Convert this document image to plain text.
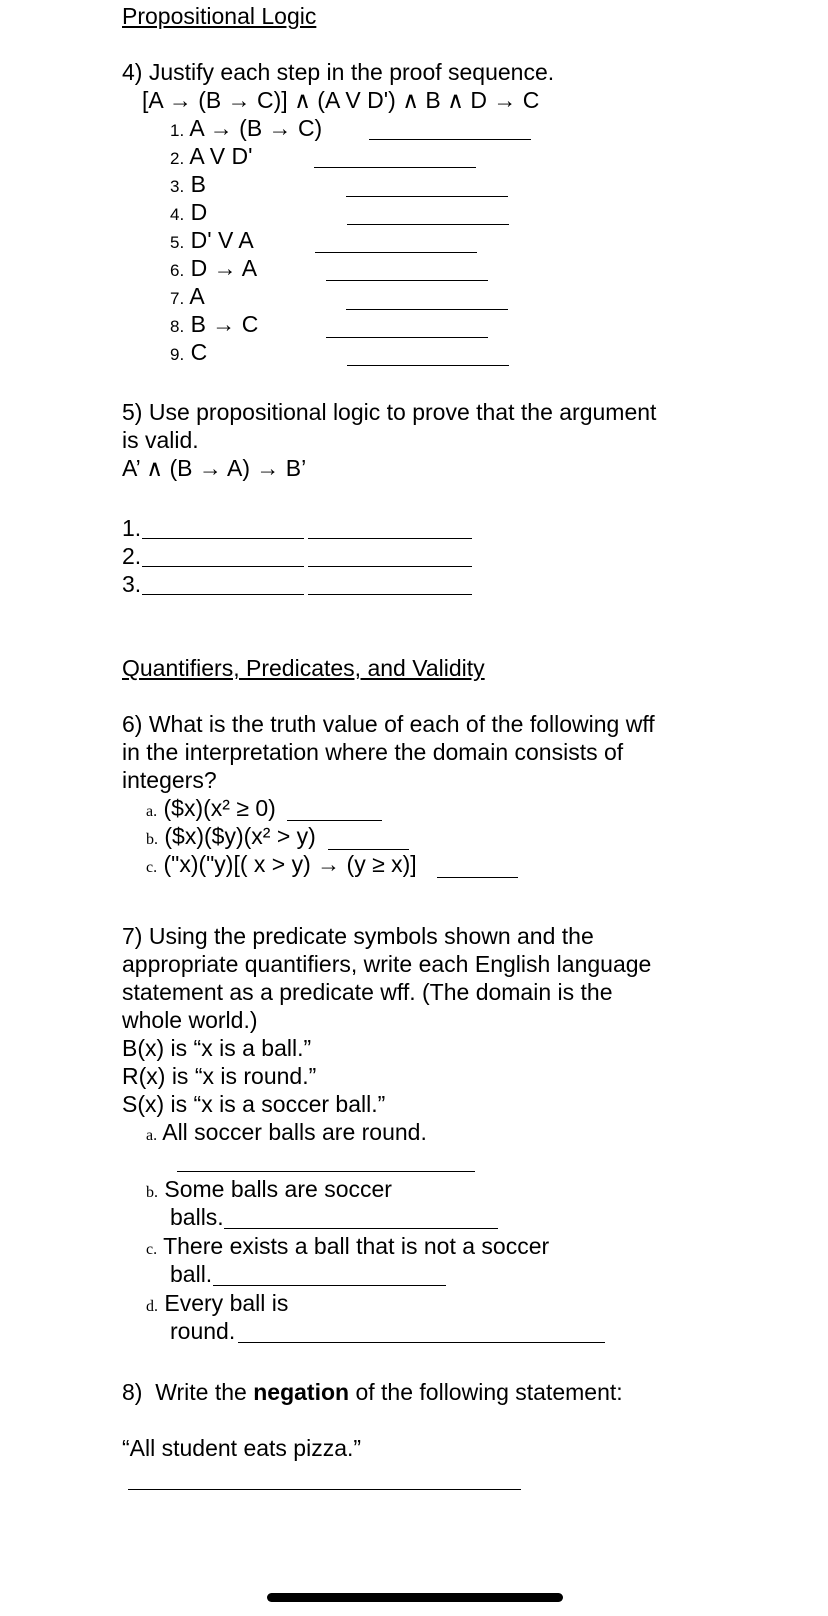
Propositional Logic
4) Justify each step in the proof sequence.
[A → (B → C)] ∧ (A V D') ∧ B ∧ D → C
1. A → (B → C)
2. A V D'
3. B
4. D
5. D' V A
6. D → A
7. A
8. B → C
9. C
5) Use propositional logic to prove that the argument
is valid.
A’ ∧ (B → A) → B’
1.
2.
3.
Quantifiers, Predicates, and Validity
6) What is the truth value of each of the following wff
in the interpretation where the domain consists of
integers?
a. ($x)(x² ≥ 0)
b. ($x)($y)(x² > y)
c. ("x)("y)[( x > y) → (y ≥ x)]
7) Using the predicate symbols shown and the
appropriate quantifiers, write each English language
statement as a predicate wff. (The domain is the
whole world.)
B(x) is “x is a ball.”
R(x) is “x is round.”
S(x) is “x is a soccer ball.”
a. All soccer balls are round.
b. Some balls are soccer
balls.
c. There exists a ball that is not a soccer
ball.
d. Every ball is
round.
8)  Write the negation of the following statement:
“All student eats pizza.”
